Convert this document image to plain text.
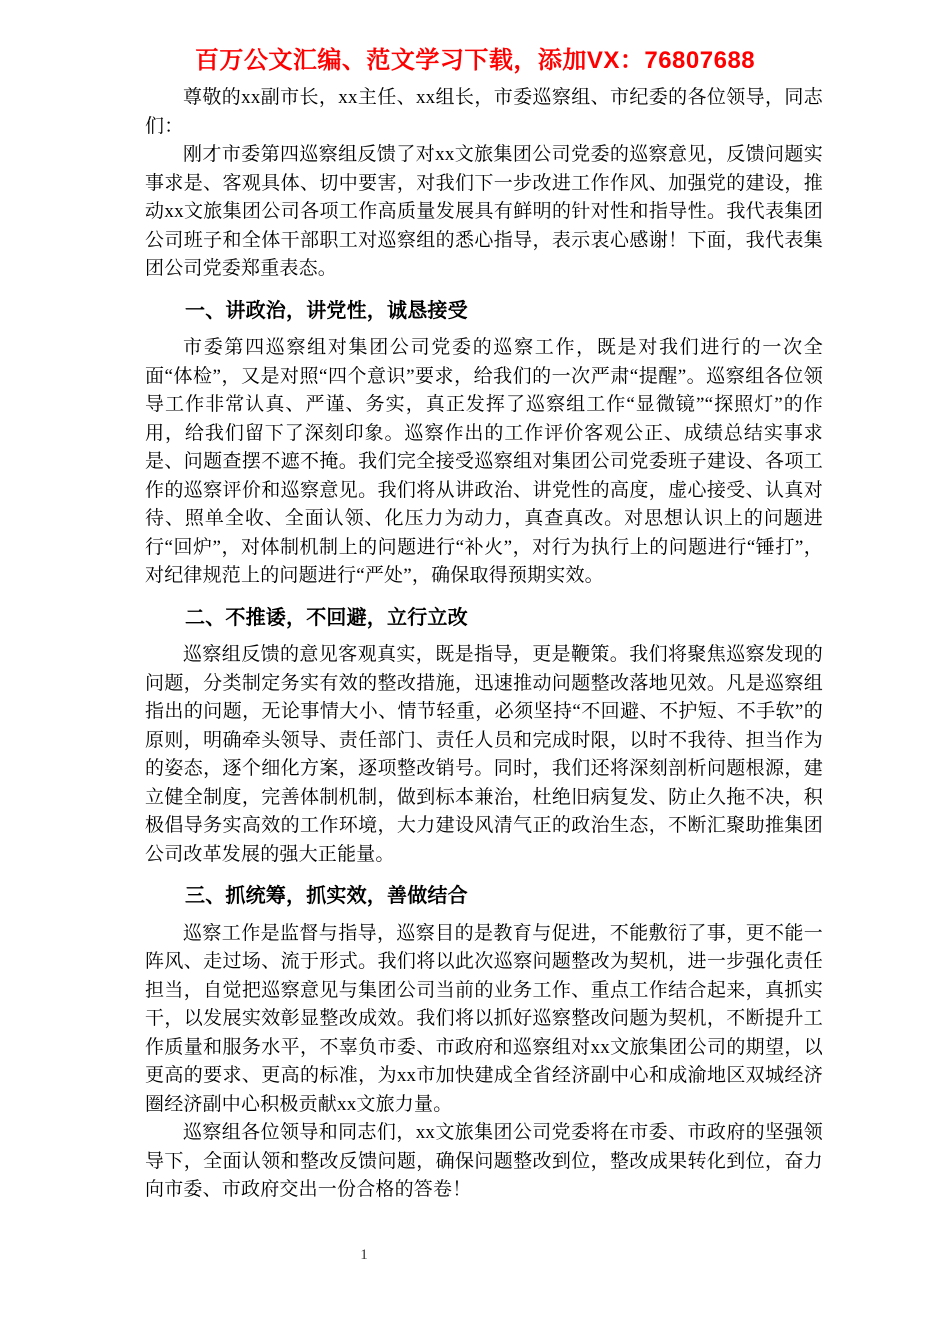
百万公文汇编、范文学习下载，添加VX：76807688

尊敬的xx副市长，xx主任、xx组长，市委巡察组、市纪委的各位领导，同志们：

刚才市委第四巡察组反馈了对xx文旅集团公司党委的巡察意见，反馈问题实事求是、客观具体、切中要害，对我们下一步改进工作作风、加强党的建设，推动xx文旅集团公司各项工作高质量发展具有鲜明的针对性和指导性。我代表集团公司班子和全体干部职工对巡察组的悉心指导，表示衷心感谢！下面，我代表集团公司党委郑重表态。

一、讲政治，讲党性，诚恳接受

市委第四巡察组对集团公司党委的巡察工作，既是对我们进行的一次全面“体检”，又是对照“四个意识”要求，给我们的一次严肃“提醒”。巡察组各位领导工作非常认真、严谨、务实，真正发挥了巡察组工作“显微镜”“探照灯”的作用，给我们留下了深刻印象。巡察作出的工作评价客观公正、成绩总结实事求是、问题查摆不遮不掩。我们完全接受巡察组对集团公司党委班子建设、各项工作的巡察评价和巡察意见。我们将从讲政治、讲党性的高度，虚心接受、认真对待、照单全收、全面认领、化压力为动力，真查真改。对思想认识上的问题进行“回炉”，对体制机制上的问题进行“补火”，对行为执行上的问题进行“锤打”，对纪律规范上的问题进行“严处”，确保取得预期实效。

二、不推诿，不回避，立行立改

巡察组反馈的意见客观真实，既是指导，更是鞭策。我们将聚焦巡察发现的问题，分类制定务实有效的整改措施，迅速推动问题整改落地见效。凡是巡察组指出的问题，无论事情大小、情节轻重，必须坚持“不回避、不护短、不手软”的原则，明确牵头领导、责任部门、责任人员和完成时限，以时不我待、担当作为的姿态，逐个细化方案，逐项整改销号。同时，我们还将深刻剖析问题根源，建立健全制度，完善体制机制，做到标本兼治，杜绝旧病复发、防止久拖不决，积极倡导务实高效的工作环境，大力建设风清气正的政治生态，不断汇聚助推集团公司改革发展的强大正能量。

三、抓统筹，抓实效，善做结合

巡察工作是监督与指导，巡察目的是教育与促进，不能敷衍了事，更不能一阵风、走过场、流于形式。我们将以此次巡察问题整改为契机，进一步强化责任担当，自觉把巡察意见与集团公司当前的业务工作、重点工作结合起来，真抓实干，以发展实效彰显整改成效。我们将以抓好巡察整改问题为契机，不断提升工作质量和服务水平，不辜负市委、市政府和巡察组对xx文旅集团公司的期望，以更高的要求、更高的标准，为xx市加快建成全省经济副中心和成渝地区双城经济圈经济副中心积极贡献xx文旅力量。

巡察组各位领导和同志们，xx文旅集团公司党委将在市委、市政府的坚强领导下，全面认领和整改反馈问题，确保问题整改到位，整改成果转化到位，奋力向市委、市政府交出一份合格的答卷！

1
